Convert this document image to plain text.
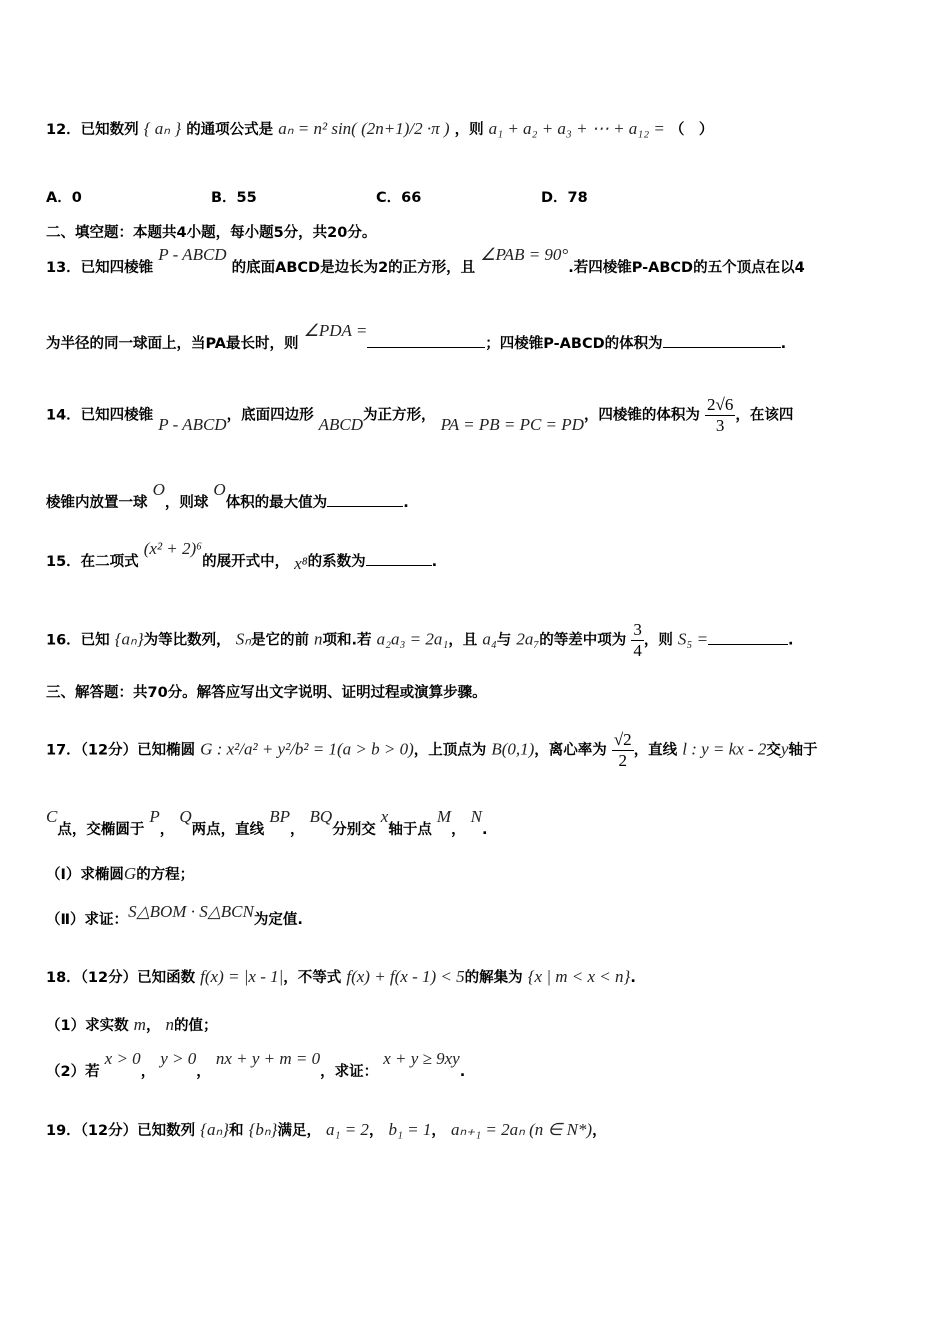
12．已知数列 { aₙ } 的通项公式是 aₙ = n² sin( (2n+1)/2 ·π ) ，则 a₁ + a₂ + a₃ + ⋯ + a₁₂ = （　）
A．0	B．55	C．66	D．78
二、填空题：本题共4小题，每小题5分，共20分。
13．已知四棱锥 P - ABCD 的底面ABCD是边长为2的正方形，且 ∠PAB = 90°.若四棱锥P-ABCD的五个顶点在以4
为半径的同一球面上，当PA最长时，则 ∠PDA =；四棱锥P-ABCD的体积为	.
14．已知四棱锥 P - ABCD，底面四边形 ABCD为正方形， PA = PB = PC = PD，四棱锥的体积为 $\frac{2√6}{3}$ ，在该四
棱锥内放置一球 O，则球 O体积的最大值为	.
15．在二项式 (x² + 2)⁶的展开式中， x⁸的系数为	.
16．已知 {aₙ}为等比数列， Sₙ是它的前 n项和.若 a₂a₃ = 2a₁，且 a₄与 2a₇的等差中项为 $\frac{3}{4}$ ，则 S₅ =	.
三、解答题：共70分。解答应写出文字说明、证明过程或演算步骤。
17．（12分）已知椭圆 G : x²/a² + y²/b² = 1(a > b > 0)，上顶点为 B(0,1)，离心率为 $\frac{√2}{2}$ ，直线 l : y = kx - 2交y轴于
C点，交椭圆于 P， Q两点，直线 BP， BQ分别交 x轴于点 M， N.
（Ⅰ）求椭圆G的方程；
（Ⅱ）求证：S△BOM · S△BCN为定值.
18．（12分）已知函数 f(x) = |x - 1|，不等式 f(x) + f(x - 1) < 5的解集为 {x | m < x < n}.
（1）求实数 m， n的值；
（2）若 x > 0， y > 0， nx + y + m = 0，求证： x + y ≥ 9xy.
19．（12分）已知数列 {aₙ}和 {bₙ}满足， a₁ = 2， b₁ = 1， aₙ₊₁ = 2aₙ (n ∈ N*)，
